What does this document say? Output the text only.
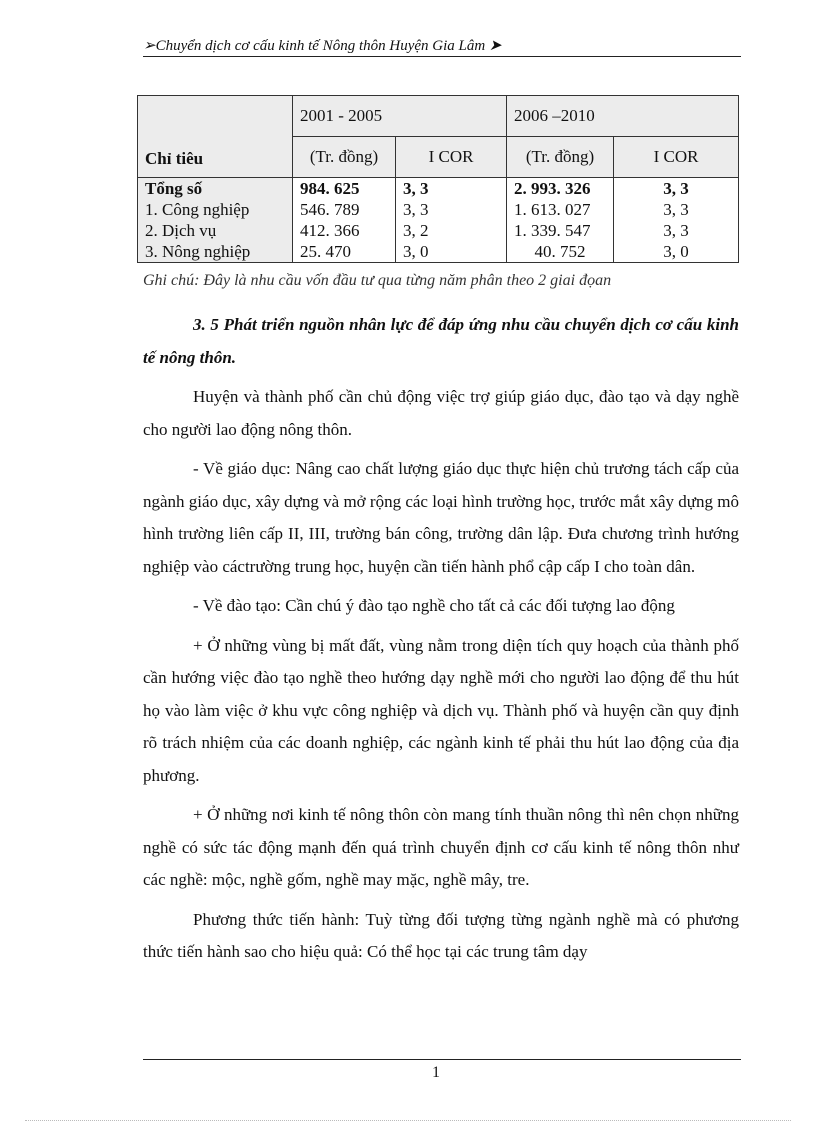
➢Chuyển dịch cơ cấu kinh tế Nông thôn Huyện Gia Lâm ➤
Chỉ tiêu	2001 - 2005		2006 –2010	
	(Tr. đồng)	I COR	(Tr. đồng)	I COR
Tổng số	984. 625	3, 3	2. 993. 326	3, 3
1. Công nghiệp	546. 789	3, 3	1. 613. 027	3, 3
2. Dịch vụ	412. 366	3, 2	1. 339. 547	3, 3
3. Nông nghiệp	25. 470	3, 0	40. 752	3, 0
Ghi chú: Đây là nhu cầu vốn đầu tư qua từng năm phân theo 2 giai đọan
3. 5 Phát triển nguồn nhân lực để đáp ứng nhu cầu chuyển dịch cơ cấu kinh tế nông thôn.
Huyện và thành phố cần chủ động việc trợ giúp giáo dục, đào tạo và dạy nghề cho người lao động nông thôn.
- Về giáo dục: Nâng cao chất lượng giáo dục thực hiện chủ trương tách cấp của ngành giáo dục, xây dựng và mở rộng các loại hình trường học, trước mắt xây dựng mô hình trường liên cấp II, III, trường bán công, trường dân lập. Đưa chương trình hướng nghiệp vào cáctrường trung học, huyện cần tiến hành phổ cập cấp I cho toàn dân.
- Về đào tạo: Cần chú ý đào tạo nghề cho tất cả các đối tượng lao động
+ Ở những vùng bị mất đất, vùng nằm trong diện tích quy hoạch của thành phố cần hướng việc đào tạo nghề theo hướng dạy nghề mới cho người lao động để thu hút họ vào làm việc ở khu vực công nghiệp và dịch vụ. Thành phố và huyện cần quy định rõ trách nhiệm của các doanh nghiệp, các ngành kinh tế phải thu hút lao động của địa phương.
+ Ở những nơi kinh tế nông thôn còn mang tính thuần nông thì nên chọn những nghề có sức tác động mạnh đến quá trình chuyển định cơ cấu kinh tế nông thôn như các nghề: mộc, nghề gốm, nghề may mặc, nghề mây, tre.
Phương thức tiến hành: Tuỳ từng đối tượng từng ngành nghề mà có phương thức tiến hành sao cho hiệu quả: Có thể học tại các trung tâm dạy
1
